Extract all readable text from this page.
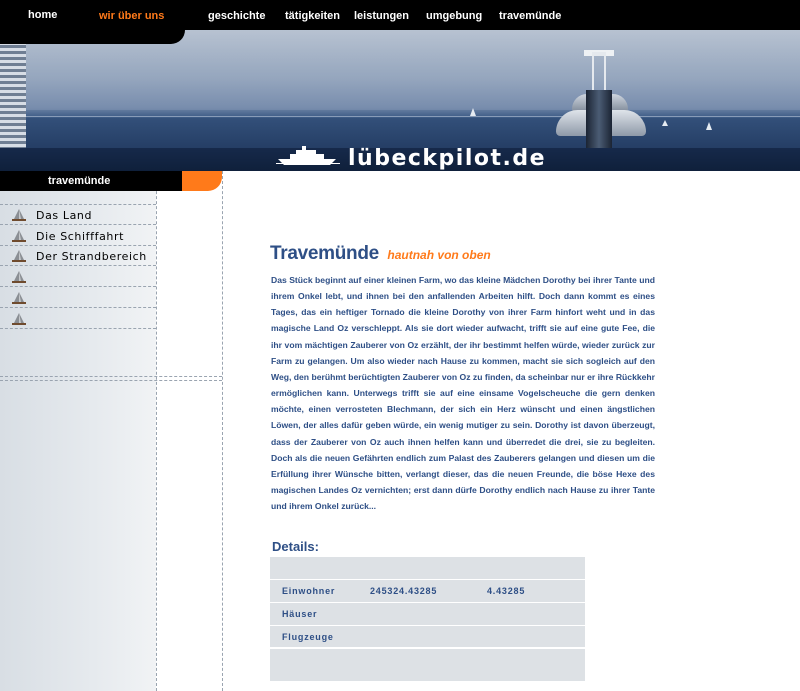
home	wir über uns	geschichte tätigkeiten leistungen umgebung travemünde
lübeckpilot.de
travemünde
Das Land
Die Schifffahrt
Der Strandbereich	Travemünde hautnah von oben

Das Stück beginnt auf einer kleinen Farm, wo das kleine Mädchen Dorothy bei ihrer Tante und ihrem Onkel lebt, und ihnen bei den anfallenden Arbeiten hilft. Doch dann kommt es eines Tages, das ein heftiger Tornado die kleine Dorothy von ihrer Farm hinfort weht und in das magische Land Oz verschleppt. Als sie dort wieder aufwacht, trifft sie auf eine gute Fee, die ihr vom mächtigen Zauberer von Oz erzählt, der ihr bestimmt helfen würde, wieder zurück zur Farm zu gelangen. Um also wieder nach Hause zu kommen, macht sie sich sogleich auf den Weg, den berühmt berüchtigten Zauberer von Oz zu finden, da scheinbar nur er ihre Rückkehr ermöglichen kann. Unterwegs trifft sie auf eine einsame Vogelscheuche die gern denken möchte, einen verrosteten Blechmann, der sich ein Herz wünscht und einen ängstlichen Löwen, der alles dafür geben würde, ein wenig mutiger zu sein. Dorothy ist davon überzeugt, dass der Zauberer von Oz auch ihnen helfen kann und überredet die drei, sie zu begleiten. Doch als die neuen Gefährten endlich zum Palast des Zauberers gelangen und diesen um die Erfüllung ihrer Wünsche bitten, verlangt dieser, das die neuen Freunde, die böse Hexe des magischen Landes Oz vernichten; erst dann dürfe Dorothy endlich nach Hause zu ihrer Tante und ihrem Onkel zurück...

Details:
Einwohner	245324.43285	4.43285
Häuser
Flugzeuge
